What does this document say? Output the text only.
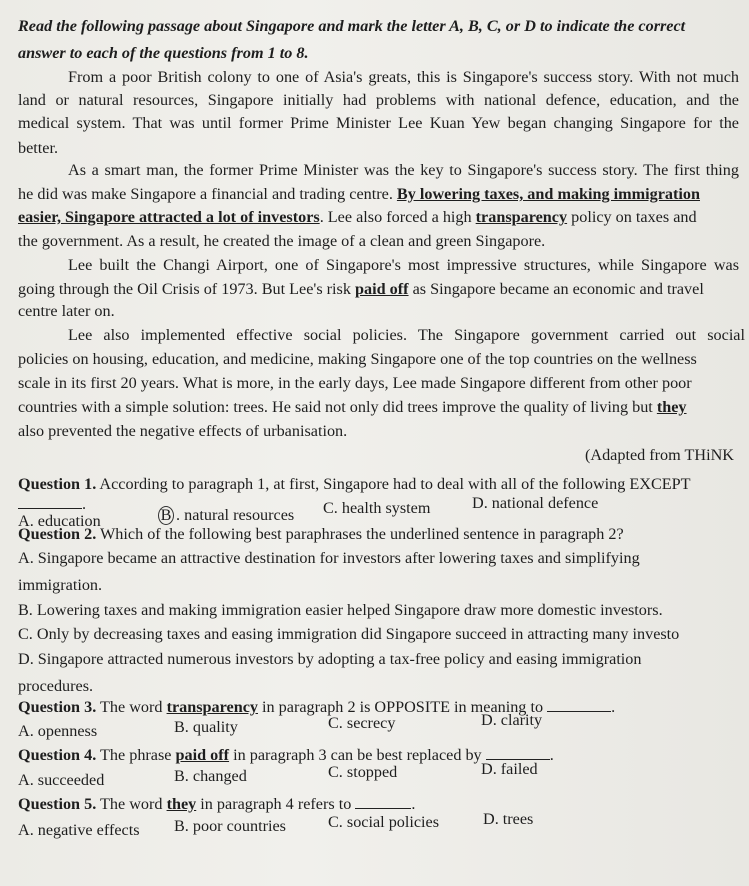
Read the following passage about Singapore and mark the letter A, B, C, or D to indicate the correct
answer to each of the questions from 1 to 8.
From a poor British colony to one of Asia's greats, this is Singapore's success story. With not much
land or natural resources, Singapore initially had problems with national defence, education, and the
medical system. That was until former Prime Minister Lee Kuan Yew began changing Singapore for the
better.
As a smart man, the former Prime Minister was the key to Singapore's success story. The first thing
he did was make Singapore a financial and trading centre. By lowering taxes, and making immigration
easier, Singapore attracted a lot of investors. Lee also forced a high transparency policy on taxes and
the government. As a result, he created the image of a clean and green Singapore.
Lee built the Changi Airport, one of Singapore's most impressive structures, while Singapore was
going through the Oil Crisis of 1973. But Lee's risk paid off as Singapore became an economic and travel
centre later on.
Lee also implemented effective social policies. The Singapore government carried out social
policies on housing, education, and medicine, making Singapore one of the top countries on the wellness
scale in its first 20 years. What is more, in the early days, Lee made Singapore different from other poor
countries with a simple solution: trees. He said not only did trees improve the quality of living but they
also prevented the negative effects of urbanisation.
(Adapted from THiNK
Question 1. According to paragraph 1, at first, Singapore had to deal with all of the following EXCEPT
.
A. education	B . natural resources C. health system	D. national defence
Question 2. Which of the following best paraphrases the underlined sentence in paragraph 2?
A. Singapore became an attractive destination for investors after lowering taxes and simplifying
immigration.
B. Lowering taxes and making immigration easier helped Singapore draw more domestic investors.
C. Only by decreasing taxes and easing immigration did Singapore succeed in attracting many investo
D. Singapore attracted numerous investors by adopting a tax-free policy and easing immigration
procedures.
Question 3. The word transparency in paragraph 2 is OPPOSITE in meaning to	.
A. openness	B. quality	C. secrecy	D. clarity
Question 4. The phrase paid off in paragraph 3 can be best replaced by	.
A. succeeded	B. changed	C. stopped	D. failed
Question 5. The word they in paragraph 4 refers to	.
A. negative effects B. poor countries	C. social policies	D. trees
